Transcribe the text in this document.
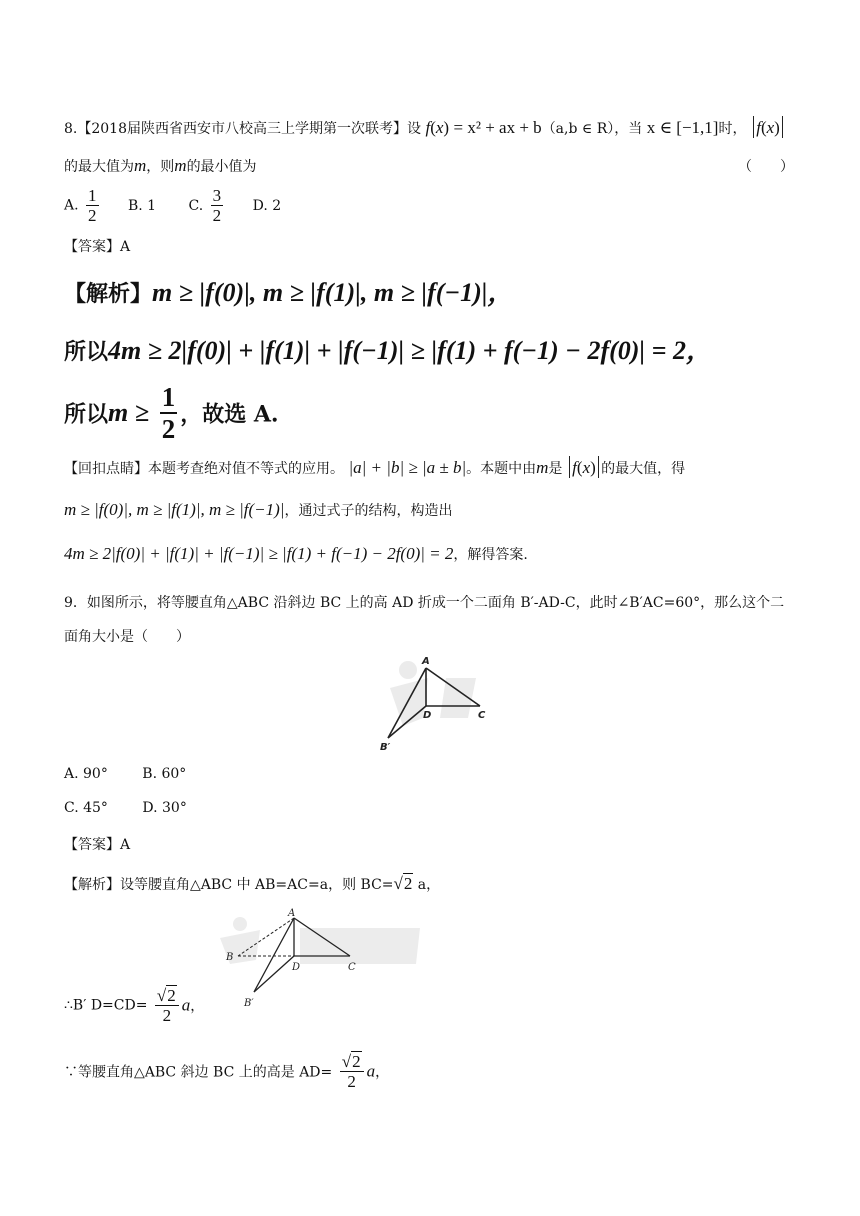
8.【2018届陕西省西安市八校高三上学期第一次联考】设 f(x) = x² + ax + b（a,b ∈ R），当 x ∈ [−1,1]时， f(x)
的最大值为m，则m的最小值为	（　　）
A. $\frac{1}{2} B$. 1 C. $\frac{3}{2} D$. 2
【答案】A
【解析】m ≥ |f(0)|, m ≥ |f(1)|, m ≥ |f(−1)|，
所以4m ≥ 2|f(0)| + |f(1)| + |f(−1)| ≥ |f(1) + f(−1) − 2f(0)| = 2，
所以$m \ge \frac{1}{2}$ ，故选 A.
【回扣点睛】本题考查绝对值不等式的应用。 |a| + |b| ≥ |a ± b|。本题中由m是 f(x) 的最大值，得
m ≥ |f(0)|, m ≥ |f(1)|, m ≥ |f(−1)|，通过式子的结构，构造出
4m ≥ 2|f(0)| + |f(1)| + |f(−1)| ≥ |f(1) + f(−1) − 2f(0)| = 2，解得答案.
9．如图所示，将等腰直角△ABC 沿斜边 BC 上的高 AD 折成一个二面角 B′-AD-C，此时∠B′AC=60°，那么这个二
面角大小是（　　）
A
D	C
B′
A. 90° B. 60°
C. 45° D. 30°
【答案】A
【解析】设等腰直角△ABC 中 AB=AC=a，则 BC=√2 a，
A
B
D	C
B′
∴B′ $D=CD= \frac{√2}{2}$ a，
∵等腰直角△ABC 斜边 BC 上的高是 $AD= \frac{√2}{2}$ a，
